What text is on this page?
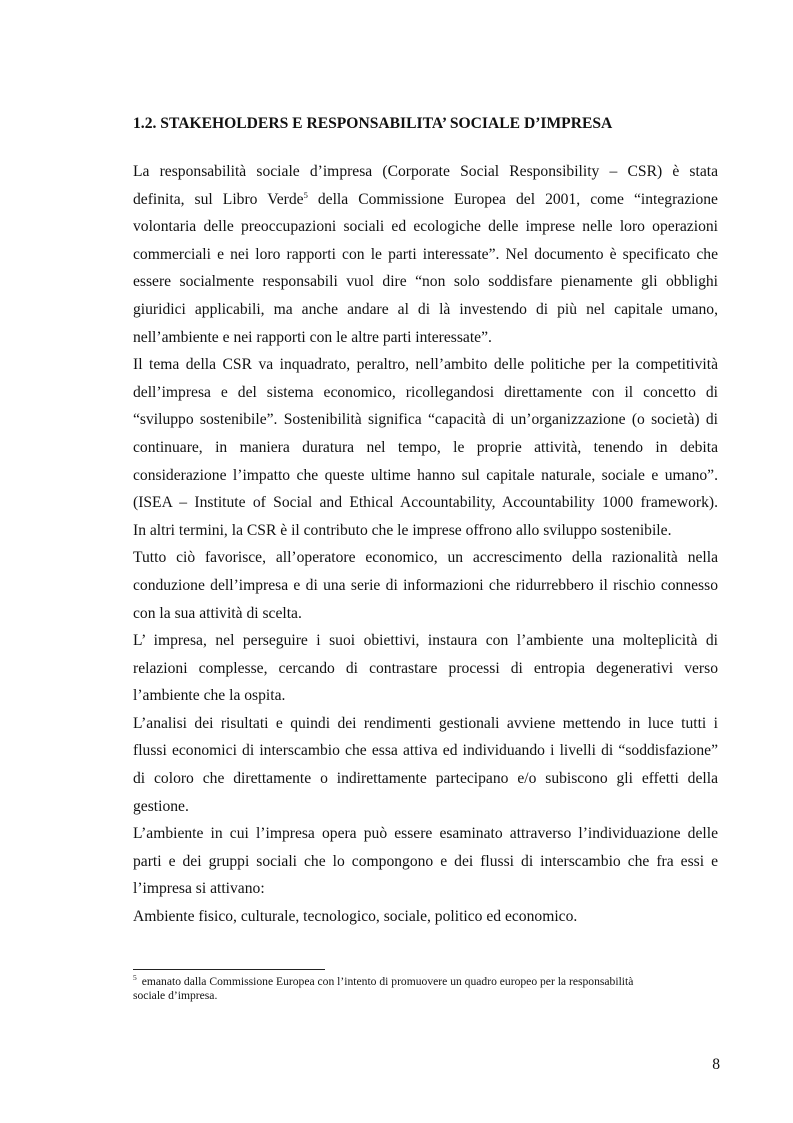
1.2. STAKEHOLDERS E RESPONSABILITA’ SOCIALE D’IMPRESA
La responsabilità sociale d’impresa (Corporate Social Responsibility – CSR) è stata
definita, sul Libro Verde$^5$ della Commissione Europea del 2001, come “integrazione
volontaria delle preoccupazioni sociali ed ecologiche delle imprese nelle loro operazioni
commerciali e nei loro rapporti con le parti interessate”. Nel documento è specificato che
essere socialmente responsabili vuol dire “non solo soddisfare pienamente gli obblighi
giuridici applicabili, ma anche andare al di là investendo di più nel capitale umano,
nell’ambiente e nei rapporti con le altre parti interessate”.
Il tema della CSR va inquadrato, peraltro, nell’ambito delle politiche per la competitività
dell’impresa e del sistema economico, ricollegandosi direttamente con il concetto di
“sviluppo sostenibile”. Sostenibilità significa “capacità di un’organizzazione (o società) di
continuare, in maniera duratura nel tempo, le proprie attività, tenendo in debita
considerazione l’impatto che queste ultime hanno sul capitale naturale, sociale e umano”.
(ISEA – Institute of Social and Ethical Accountability, Accountability 1000 framework).
In altri termini, la CSR è il contributo che le imprese offrono allo sviluppo sostenibile.
Tutto ciò favorisce, all’operatore economico, un accrescimento della razionalità nella
conduzione dell’impresa e di una serie di informazioni che ridurrebbero il rischio connesso
con la sua attività di scelta.
L’ impresa, nel perseguire i suoi obiettivi, instaura con l’ambiente una molteplicità di
relazioni complesse, cercando di contrastare processi di entropia degenerativi verso
l’ambiente che la ospita.
L’analisi dei risultati e quindi dei rendimenti gestionali avviene mettendo in luce tutti i
flussi economici di interscambio che essa attiva ed individuando i livelli di “soddisfazione”
di coloro che direttamente o indirettamente partecipano e/o subiscono gli effetti della
gestione.
L’ambiente in cui l’impresa opera può essere esaminato attraverso l’individuazione delle
parti e dei gruppi sociali che lo compongono e dei flussi di interscambio che fra essi e
l’impresa si attivano:
Ambiente fisico, culturale, tecnologico, sociale, politico ed economico.
$^5$ emanato dalla Commissione Europea con l’intento di promuovere un quadro europeo per la responsabilità
sociale d’impresa.
8
